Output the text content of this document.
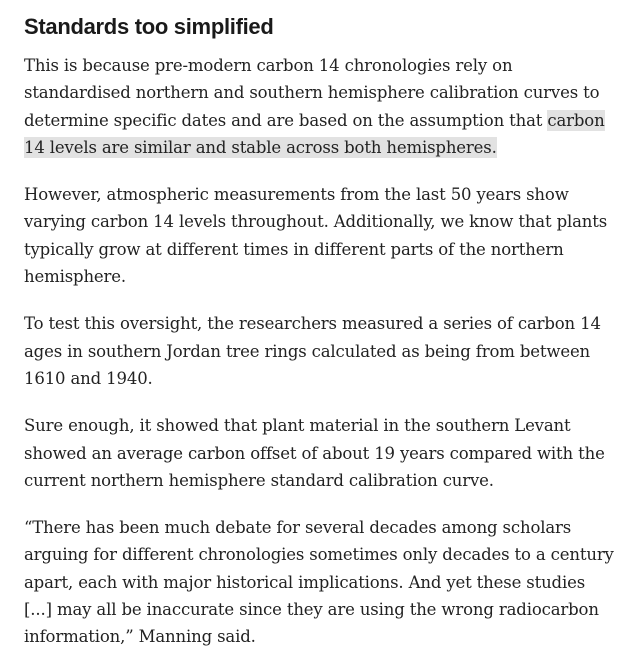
Standards too simplified

This is because pre-modern carbon 14 chronologies rely on standardised northern and southern hemisphere calibration curves to determine specific dates and are based on the assumption that carbon 14 levels are similar and stable across both hemispheres.

However, atmospheric measurements from the last 50 years show varying carbon 14 levels throughout. Additionally, we know that plants typically grow at different times in different parts of the northern hemisphere.

To test this oversight, the researchers measured a series of carbon 14 ages in southern Jordan tree rings calculated as being from between 1610 and 1940.

Sure enough, it showed that plant material in the southern Levant showed an average carbon offset of about 19 years compared with the current northern hemisphere standard calibration curve.

“There has been much debate for several decades among scholars arguing for different chronologies sometimes only decades to a century apart, each with major historical implications. And yet these studies [...] may all be inaccurate since they are using the wrong radiocarbon information,” Manning said.
